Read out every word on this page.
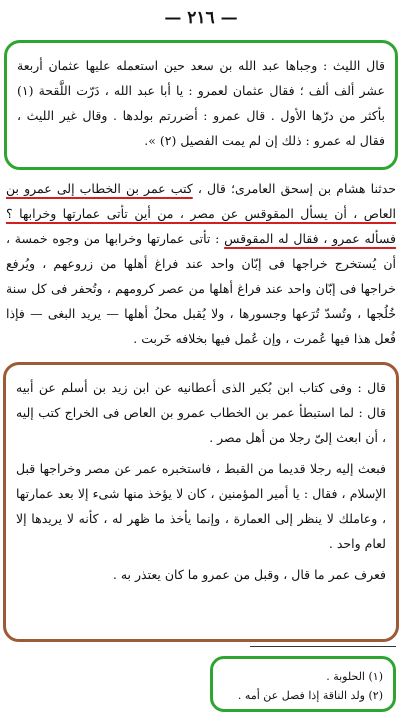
— ٢١٦ —

قال الليث : وجباها عبد الله بن سعد حين استعمله عليها عثمان أربعة عشر ألف ألف ؛ فقال عثمان لعمرو : يا أبا عبد الله ، دَرّت اللَّقحة (١) بأكثر من درّها الأول . قال عمرو : أضررتم بولدها . وقال غير الليث ، فقال له عمرو : ذلك إن لم يمت الفصيل (٢) ».

حدثنا هشام بن إسحق العامرى؛ قال ، كتب عمر بن الخطاب إلى عمرو بن العاص ، أن يسأل المقوقس عن مصر ، من أين تأتى عمارتها وخرابها ؟ فسأله عمرو ، فقال له المقوقس : تأتى عمارتها وخرابها من وجوه خمسة ، أن يُستخرج خراجها فى إبّان واحد عند فراغ أهلها من زروعهم ، ويُرفع خراجها فى إبّان واحد عند فراغ أهلها من عصر كرومهم ، وتُحفر فى كل سنة خُلُجها ، وتُسدّ تُرَعها وجسورها ، ولا يُقبل محلُ أهلها — يريد البغى — فإذا فُعل هذا فيها عُمرت ، وإن عُمل فيها بخلافه خَربت .

قال : وفى كتاب ابن بُكير الذى أعطانيه عن ابن زيد بن أسلم عن أبيه قال : لما استبطأ عمر بن الخطاب عمرو بن العاص فى الخراج كتب إليه ، أن ابعث إلىّ رجلا من أهل مصر .

فبعث إليه رجلا قديما من القبط ، فاستخبره عمر عن مصر وخراجها قبل الإسلام ، فقال : يا أمير المؤمنين ، كان لا يؤخذ منها شىء إلا بعد عمارتها ، وعاملك لا ينظر إلى العمارة ، وإنما يأخذ ما ظهر له ، كأنه لا يريدها إلا لعام واحد .

فعرف عمر ما قال ، وقبل من عمرو ما كان يعتذر به .

(١) الحلوبة .

(٢) ولد الناقة إذا فصل عن أمه .
